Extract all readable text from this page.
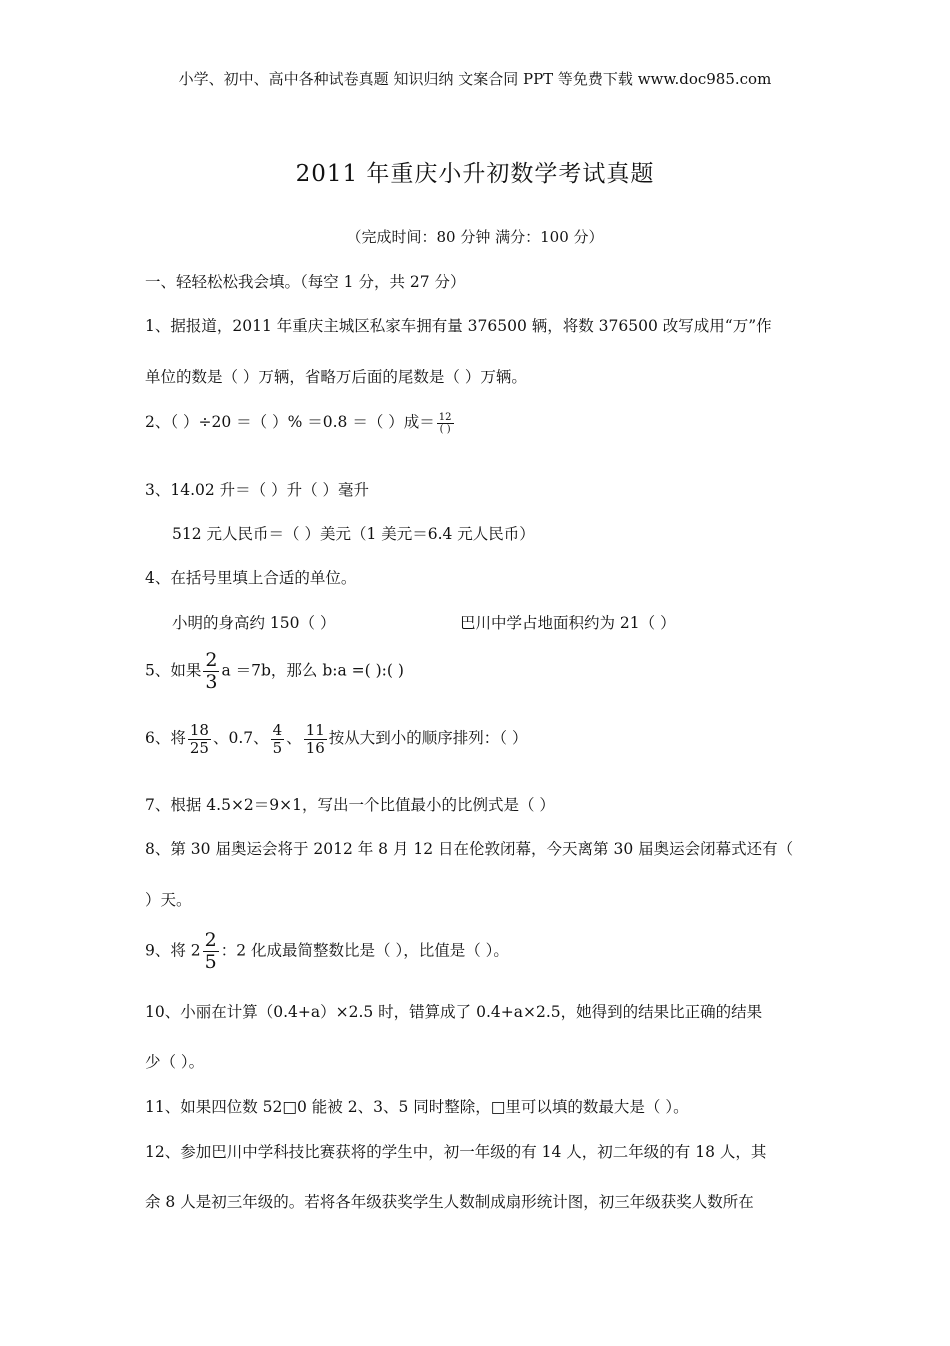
小学、初中、高中各种试卷真题 知识归纳 文案合同 PPT 等免费下载 www.doc985.com
2011 年重庆小升初数学考试真题
（完成时间：80 分钟 满分：100 分）
一、轻轻松松我会填。（每空 1 分，共 27 分）
1、据报道，2011 年重庆主城区私家车拥有量 376500 辆，将数 376500 改写成用“万”作
单位的数是（ ）万辆，省略万后面的尾数是（ ）万辆。
2、（ ）÷20 ＝（ ）% ＝0.8 ＝（ ）成＝ $\frac{12}{( )}$
3、14.02 升＝（ ）升（ ）毫升
512 元人民币＝（ ）美元（1 美元＝6.4 元人民币）
4、在括号里填上合适的单位。
小明的身高约 150（ ）	巴川中学占地面积约为 21（ ）
5、如果 $\frac{2}{3}$ a ＝7b，那么 b:a =( ):( )
6、将 $\frac{18}{25}$ 、0.7、 $\frac{4}{5}$ 、 $\frac{11}{16}$ 按从大到小的顺序排列：（ ）
7、根据 4.5×2＝9×1，写出一个比值最小的比例式是（ ）
8、第 30 届奥运会将于 2012 年 8 月 12 日在伦敦闭幕，今天离第 30 届奥运会闭幕式还有（
）天。
9、将 $2 \frac{2}{5}$ ：2 化成最简整数比是（ ），比值是（ ）。
10、小丽在计算（0.4+a）×2.5 时，错算成了 0.4+a×2.5，她得到的结果比正确的结果
少（ ）。
11、如果四位数 52□0 能被 2、3、5 同时整除，□里可以填的数最大是（ ）。
12、参加巴川中学科技比赛获将的学生中，初一年级的有 14 人，初二年级的有 18 人，其
余 8 人是初三年级的。若将各年级获奖学生人数制成扇形统计图，初三年级获奖人数所在
